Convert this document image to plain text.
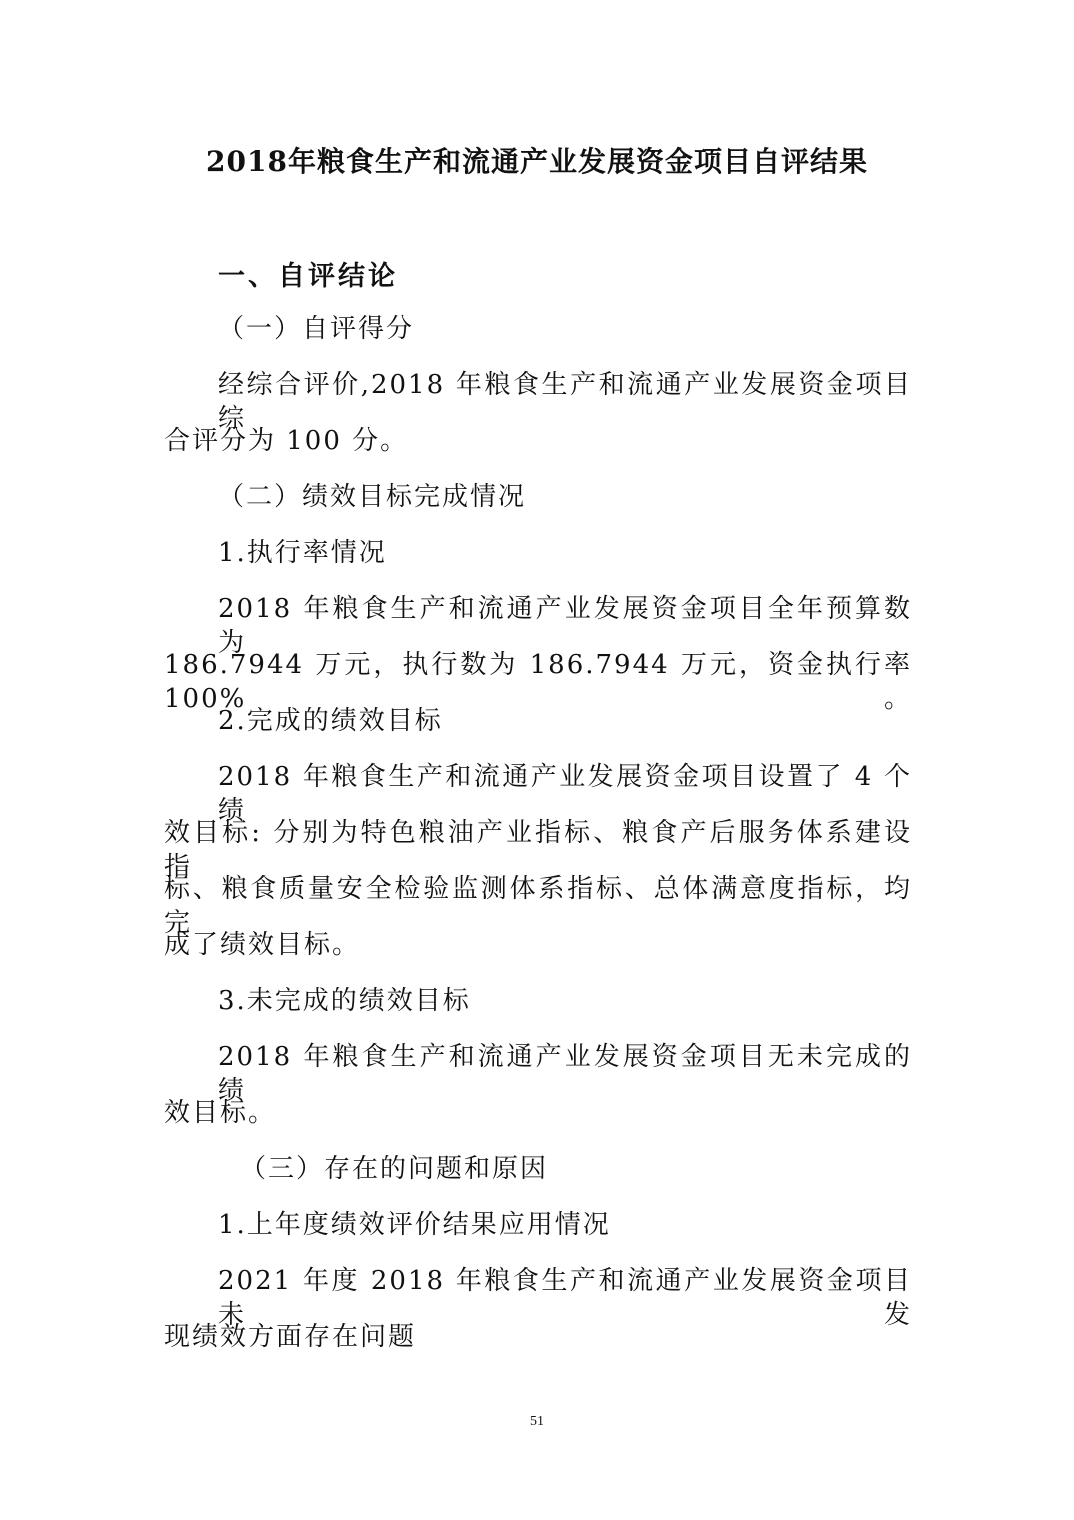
2018年粮食生产和流通产业发展资金项目自评结果
一、自评结论
（一）自评得分
经综合评价,2018 年粮食生产和流通产业发展资金项目综
合评分为 100 分。
（二）绩效目标完成情况
1.执行率情况
2018 年粮食生产和流通产业发展资金项目全年预算数为
186.7944 万元，执行数为 186.7944 万元，资金执行率 100%。
2.完成的绩效目标
2018 年粮食生产和流通产业发展资金项目设置了 4 个绩
效目标: 分别为特色粮油产业指标、粮食产后服务体系建设指
标、粮食质量安全检验监测体系指标、总体满意度指标，均完
成了绩效目标。
3.未完成的绩效目标
2018 年粮食生产和流通产业发展资金项目无未完成的绩
效目标。
（三）存在的问题和原因
1.上年度绩效评价结果应用情况
2021 年度 2018 年粮食生产和流通产业发展资金项目未发
现绩效方面存在问题
51
